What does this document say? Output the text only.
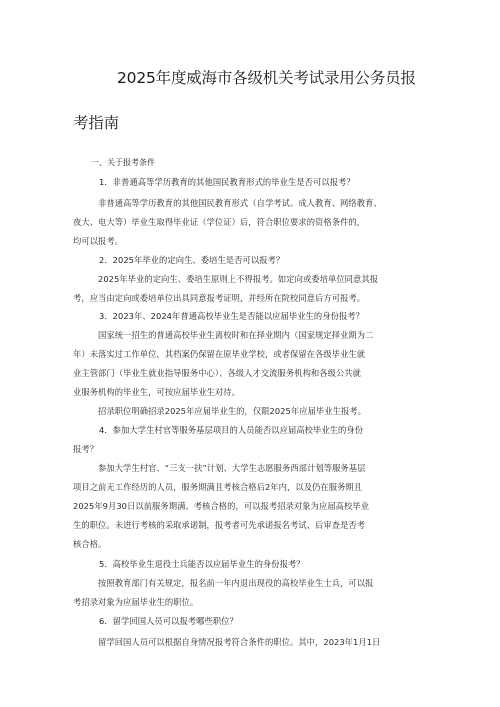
2025年度威海市各级机关考试录用公务员报
考指南
一、关于报考条件
1．非普通高等学历教育的其他国民教育形式的毕业生是否可以报考？
非普通高等学历教育的其他国民教育形式（自学考试、成人教育、网络教育、
夜大、电大等）毕业生取得毕业证（学位证）后，符合职位要求的资格条件的，
均可以报考。
2．2025年毕业的定向生、委培生是否可以报考？
2025年毕业的定向生、委培生原则上不得报考。如定向或委培单位同意其报
考，应当由定向或委培单位出具同意报考证明，并经所在院校同意后方可报考。
3．2023年、2024年普通高校毕业生是否能以应届毕业生的身份报考？
国家统一招生的普通高校毕业生离校时和在择业期内（国家规定择业期为二
年）未落实过工作单位，其档案仍保留在原毕业学校，或者保留在各级毕业生就
业主管部门（毕业生就业指导服务中心）、各级人才交流服务机构和各级公共就
业服务机构的毕业生，可按应届毕业生对待。
招录职位明确招录2025年应届毕业生的，仅限2025年应届毕业生报考。
4．参加大学生村官等服务基层项目的人员能否以应届高校毕业生的身份
报考？
参加大学生村官、“三支一扶”计划、大学生志愿服务西部计划等服务基层
项目之前无工作经历的人员，服务期满且考核合格后2年内，以及仍在服务期且
2025年9月30日以前服务期满、考核合格的，可以报考招录对象为应届高校毕业
生的职位。未进行考核的采取承诺制，报考者可先承诺报名考试、后审查是否考
核合格。
5．高校毕业生退役士兵能否以应届毕业生的身份报考？
按照教育部门有关规定，报名前一年内退出现役的高校毕业生士兵，可以报
考招录对象为应届毕业生的职位。
6．留学回国人员可以报考哪些职位？
留学回国人员可以根据自身情况报考符合条件的职位。其中，2023年1月1日
